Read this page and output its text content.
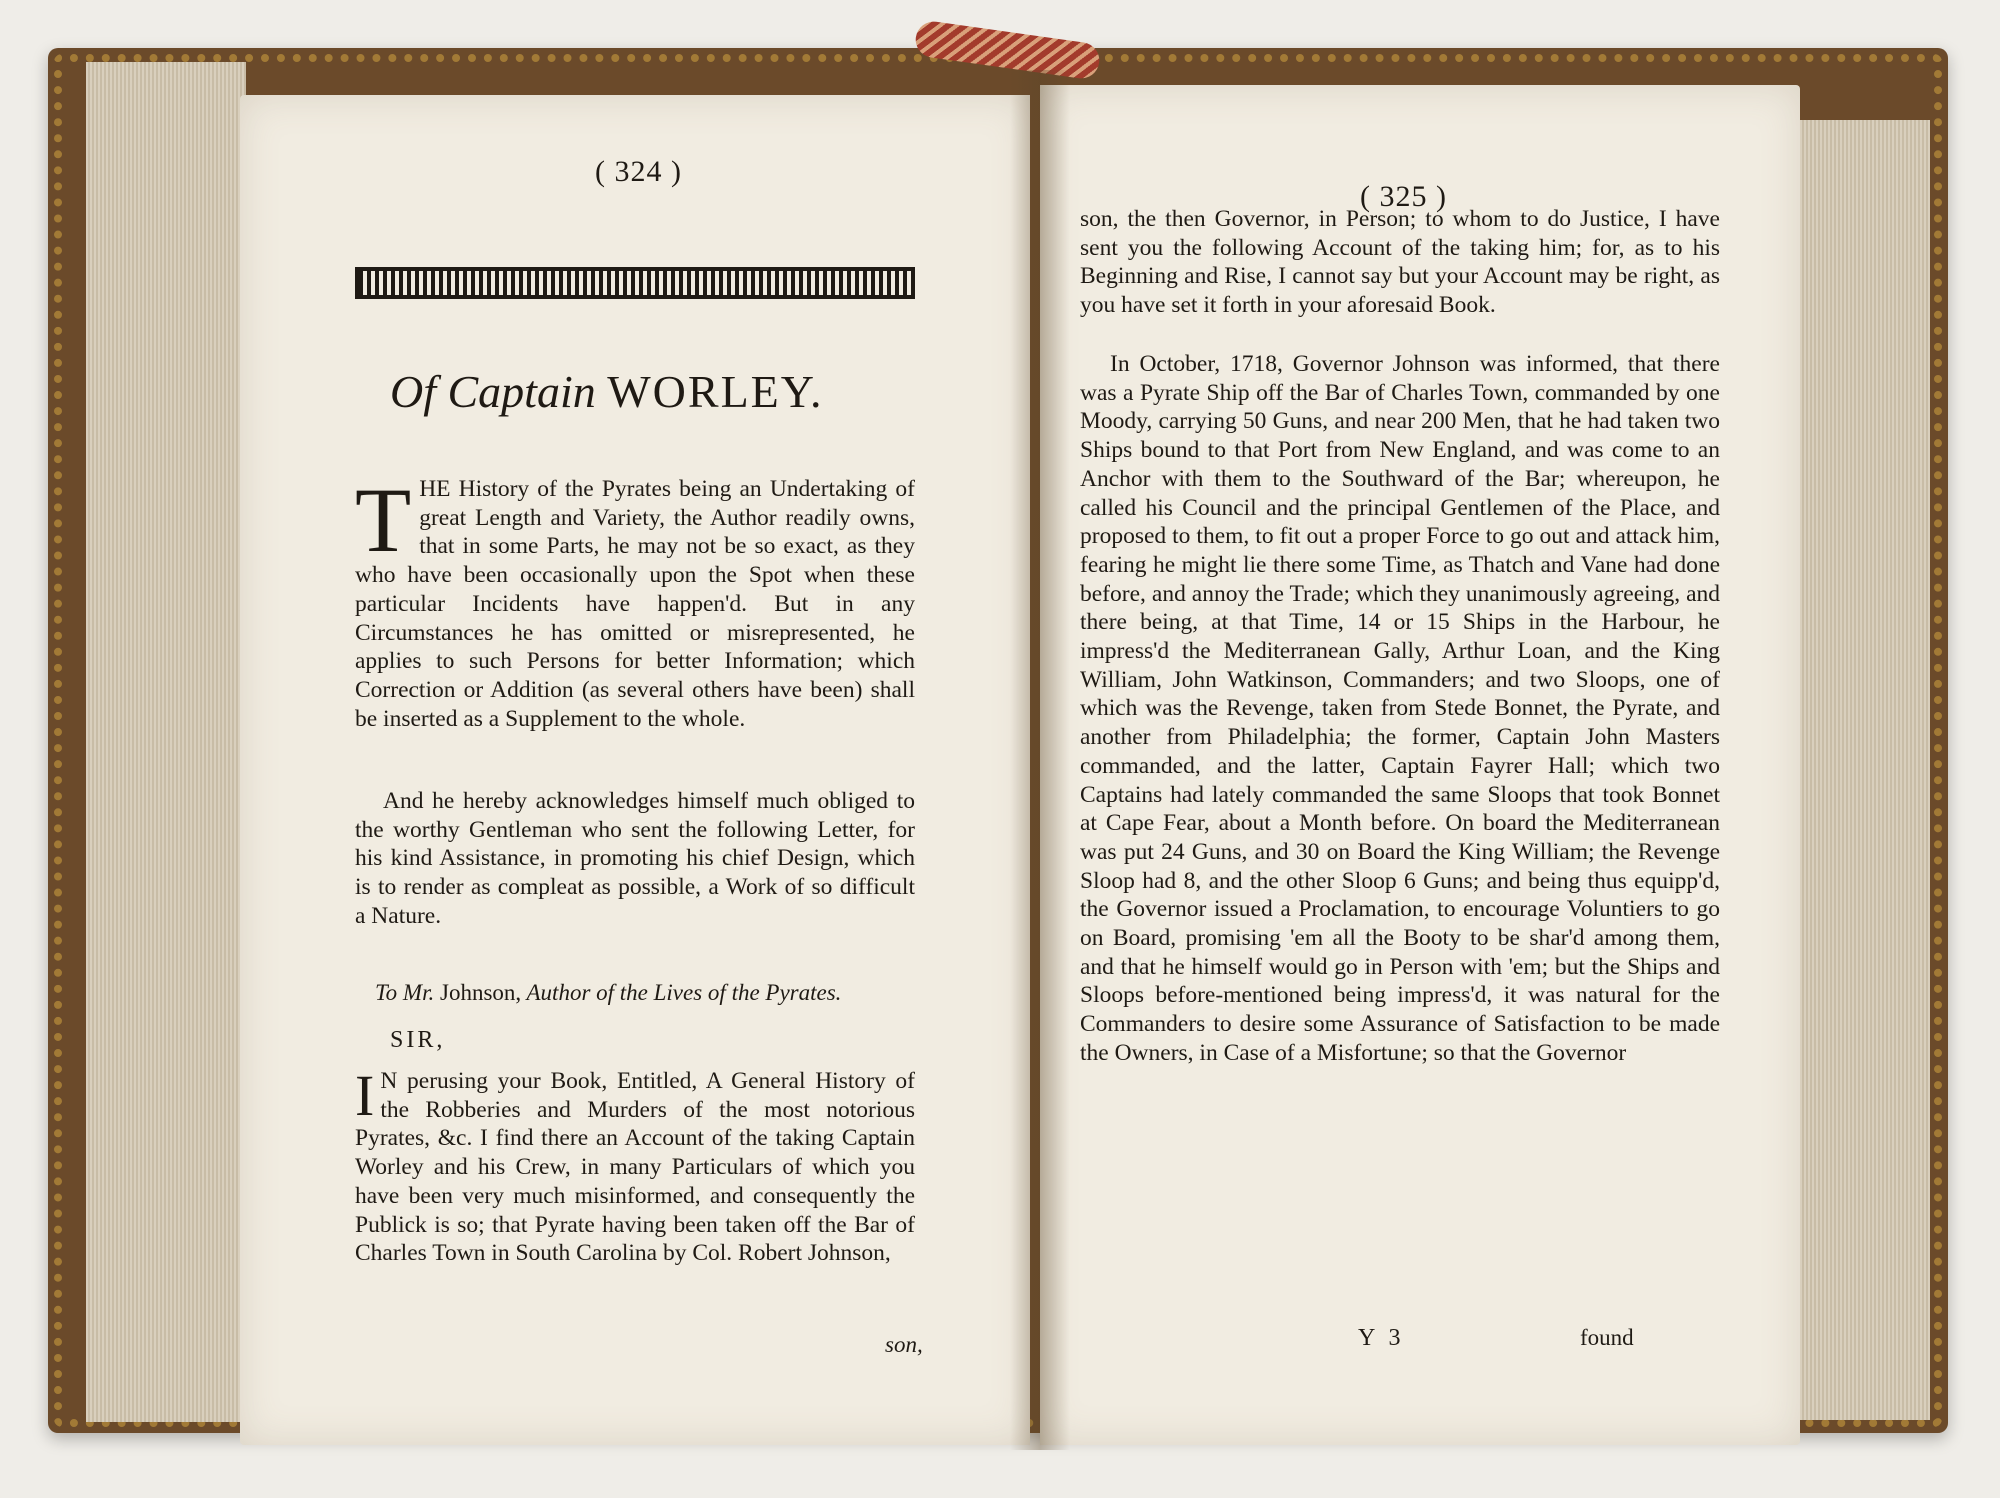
( 324 )
Of Captain WORLEY.
T HE History of the Pyrates being an Undertaking of great Length and Variety, the Author readily owns, that in some Parts, he may not be so exact, as they who have been occasionally upon the Spot when these particular Incidents have happen'd. But in any Circumstances he has omitted or misrepresented, he applies to such Persons for better Information; which Correction or Addition (as several others have been) shall be inserted as a Supplement to the whole.
And he hereby acknowledges himself much obliged to the worthy Gentleman who sent the following Letter, for his kind Assistance, in promoting his chief Design, which is to render as compleat as possible, a Work of so difficult a Nature.
To Mr. Johnson, Author of the Lives of the Pyrates.
SIR,
I N perusing your Book, Entitled, A General History of the Robberies and Murders of the most notorious Pyrates, &c. I find there an Account of the taking Captain Worley and his Crew, in many Particulars of which you have been very much misinformed, and consequently the Publick is so; that Pyrate having been taken off the Bar of Charles Town in South Carolina by Col. Robert Johnson,
son,
( 325 )
son, the then Governor, in Person; to whom to do Justice, I have sent you the following Account of the taking him; for, as to his Beginning and Rise, I cannot say but your Account may be right, as you have set it forth in your aforesaid Book.
In October, 1718, Governor Johnson was informed, that there was a Pyrate Ship off the Bar of Charles Town, commanded by one Moody, carrying 50 Guns, and near 200 Men, that he had taken two Ships bound to that Port from New England, and was come to an Anchor with them to the Southward of the Bar; whereupon, he called his Council and the principal Gentlemen of the Place, and proposed to them, to fit out a proper Force to go out and attack him, fearing he might lie there some Time, as Thatch and Vane had done before, and annoy the Trade; which they unanimously agreeing, and there being, at that Time, 14 or 15 Ships in the Harbour, he impress'd the Mediterranean Gally, Arthur Loan, and the King William, John Watkinson, Commanders; and two Sloops, one of which was the Revenge, taken from Stede Bonnet, the Pyrate, and another from Philadelphia; the former, Captain John Masters commanded, and the latter, Captain Fayrer Hall; which two Captains had lately commanded the same Sloops that took Bonnet at Cape Fear, about a Month before. On board the Mediterranean was put 24 Guns, and 30 on Board the King William; the Revenge Sloop had 8, and the other Sloop 6 Guns; and being thus equipp'd, the Governor issued a Proclamation, to encourage Voluntiers to go on Board, promising 'em all the Booty to be shar'd among them, and that he himself would go in Person with 'em; but the Ships and Sloops before-mentioned being impress'd, it was natural for the Commanders to desire some Assurance of Satisfaction to be made the Owners, in Case of a Misfortune; so that the Governor
Y 3	found
